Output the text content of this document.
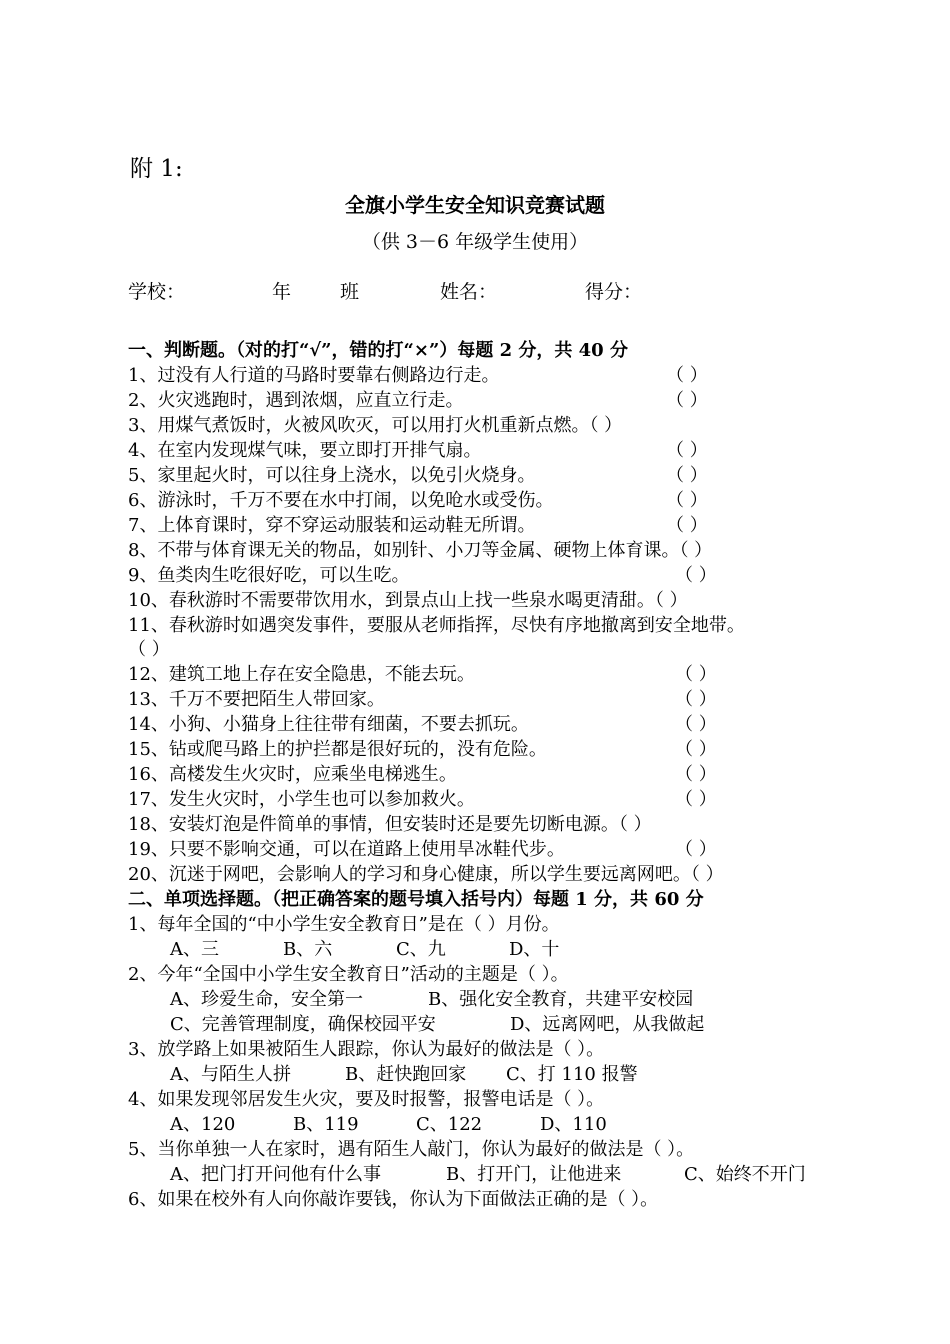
附 1:
全旗小学生安全知识竞赛试题
（供 3－6 年级学生使用）
学校：	年	班	姓名：	得分：
一、判断题。（对的打“√”，错的打“×”）每题 2 分，共 40 分
1、过没有人行道的马路时要靠右侧路边行走。	（ ）
2、火灾逃跑时，遇到浓烟，应直立行走。	（ ）
3、用煤气煮饭时，火被风吹灭，可以用打火机重新点燃。（ ）
4、在室内发现煤气味，要立即打开排气扇。	（ ）
5、家里起火时，可以往身上浇水，以免引火烧身。	（ ）
6、游泳时，千万不要在水中打闹，以免呛水或受伤。	（ ）
7、上体育课时，穿不穿运动服装和运动鞋无所谓。	（ ）
8、不带与体育课无关的物品，如别针、小刀等金属、硬物上体育课。（ ）
9、鱼类肉生吃很好吃，可以生吃。	（ ）
10、春秋游时不需要带饮用水，到景点山上找一些泉水喝更清甜。（ ）
11、春秋游时如遇突发事件，要服从老师指挥，尽快有序地撤离到安全地带。
（ ）
12、建筑工地上存在安全隐患，不能去玩。	（ ）
13、千万不要把陌生人带回家。	（ ）
14、小狗、小猫身上往往带有细菌，不要去抓玩。	（ ）
15、钻或爬马路上的护拦都是很好玩的，没有危险。	（ ）
16、高楼发生火灾时，应乘坐电梯逃生。	（ ）
17、发生火灾时，小学生也可以参加救火。	（ ）
18、安装灯泡是件简单的事情，但安装时还是要先切断电源。（ ）
19、只要不影响交通，可以在道路上使用旱冰鞋代步。	（ ）
20、沉迷于网吧，会影响人的学习和身心健康，所以学生要远离网吧。（ ）
二、单项选择题。（把正确答案的题号填入括号内）每题 1 分，共 60 分
1、每年全国的“中小学生安全教育日”是在（ ）月份。
A、三	B、六	C、九	D、十
2、今年“全国中小学生安全教育日”活动的主题是（ ）。
A、珍爱生命，安全第一	B、强化安全教育，共建平安校园
C、完善管理制度，确保校园平安	D、远离网吧，从我做起
3、放学路上如果被陌生人跟踪，你认为最好的做法是（ ）。
A、与陌生人拼	B、赶快跑回家 C、打 110 报警
4、如果发现邻居发生火灾，要及时报警，报警电话是（ ）。
A、120	B、119	C、122	D、110
5、当你单独一人在家时，遇有陌生人敲门，你认为最好的做法是（ ）。
A、把门打开问他有什么事	B、打开门，让他进来	C、始终不开门
6、如果在校外有人向你敲诈要钱，你认为下面做法正确的是（ ）。
